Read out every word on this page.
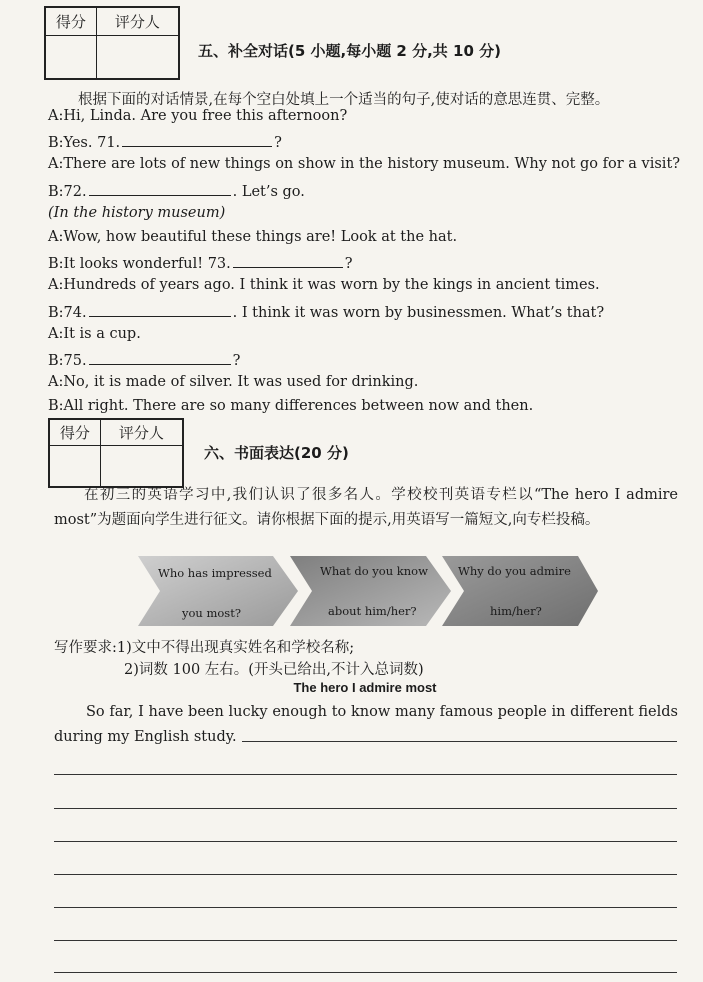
得分	评分人
五、补全对话(5 小题,每小题 2 分,共 10 分)
根据下面的对话情景,在每个空白处填上一个适当的句子,使对话的意思连贯、完整。
A:Hi, Linda. Are you free this afternoon?
B:Yes. 71.	?
A:There are lots of new things on show in the history museum. Why not go for a visit?
B:72.	. Let’s go.
(In the history museum)
A:Wow, how beautiful these things are! Look at the hat.
B:It looks wonderful! 73.	?
A:Hundreds of years ago. I think it was worn by the kings in ancient times.
B:74.	. I think it was worn by businessmen. What’s that?
A:It is a cup.
B:75.	?
A:No, it is made of silver. It was used for drinking.
B:All right. There are so many differences between now and then.
得分	评分人
六、书面表达(20 分)
在初三的英语学习中,我们认识了很多名人。学校校刊英语专栏以“The hero I admire most”为题面向学生进行征文。请你根据下面的提示,用英语写一篇短文,向专栏投稿。
Who has impressed
you most?
What do you know
about him/her?
Why do you admire
him/her?
写作要求:1)文中不得出现真实姓名和学校名称;
2)词数 100 左右。(开头已给出,不计入总词数)
The hero I admire most
So far, I have been lucky enough to know many famous people in different fields during my English study.
